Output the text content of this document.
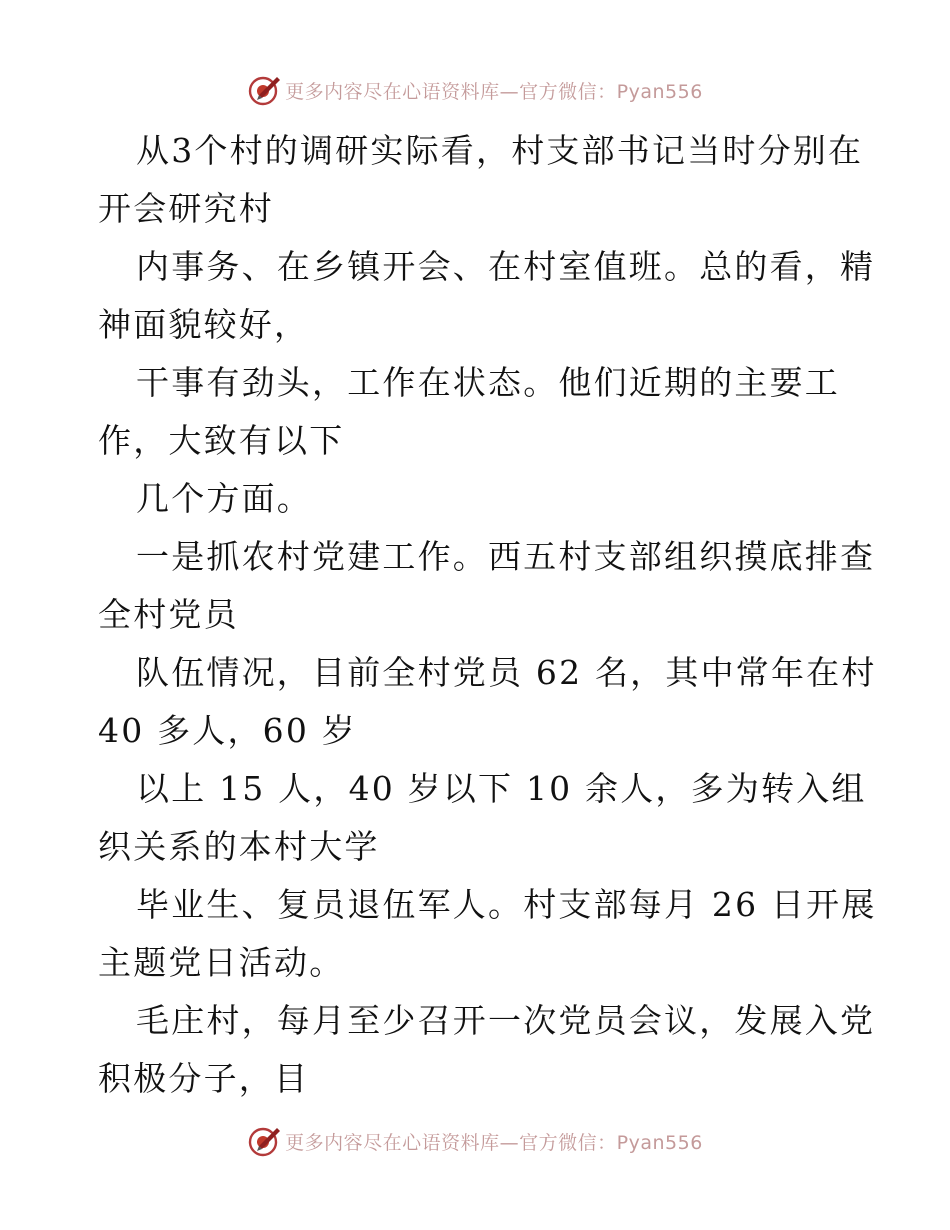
更多内容尽在心语资料库—官方微信：Pyan556
从3个村的调研实际看，村支部书记当时分别在
开会研究村
内事务、在乡镇开会、在村室值班。总的看，精
神面貌较好，
干事有劲头，工作在状态。他们近期的主要工
作，大致有以下
几个方面。
一是抓农村党建工作。西五村支部组织摸底排查
全村党员
队伍情况，目前全村党员 62 名，其中常年在村
40 多人，60 岁
以上 15 人，40 岁以下 10 余人，多为转入组
织关系的本村大学
毕业生、复员退伍军人。村支部每月 26 日开展
主题党日活动。
毛庄村，每月至少召开一次党员会议，发展入党
积极分子，目
更多内容尽在心语资料库—官方微信：Pyan556
